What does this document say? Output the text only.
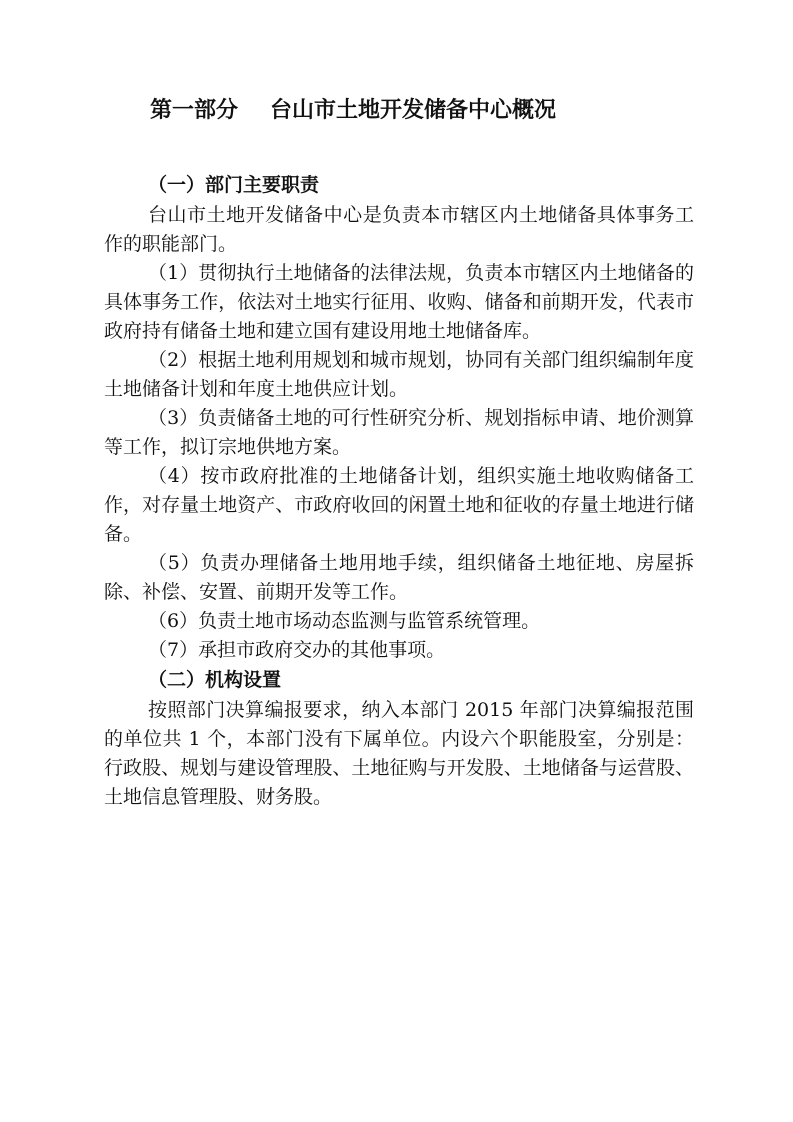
第一部分 台山市土地开发储备中心概况
（一）部门主要职责

台山市土地开发储备中心是负责本市辖区内土地储备具体事务工作的职能部门。

（1）贯彻执行土地储备的法律法规，负责本市辖区内土地储备的具体事务工作，依法对土地实行征用、收购、储备和前期开发，代表市政府持有储备土地和建立国有建设用地土地储备库。

（2）根据土地利用规划和城市规划，协同有关部门组织编制年度土地储备计划和年度土地供应计划。

（3）负责储备土地的可行性研究分析、规划指标申请、地价测算等工作，拟订宗地供地方案。

（4）按市政府批准的土地储备计划，组织实施土地收购储备工作，对存量土地资产、市政府收回的闲置土地和征收的存量土地进行储备。

（5）负责办理储备土地用地手续，组织储备土地征地、房屋拆除、补偿、安置、前期开发等工作。

（6）负责土地市场动态监测与监管系统管理。

（7）承担市政府交办的其他事项。

（二）机构设置

按照部门决算编报要求，纳入本部门 2015 年部门决算编报范围的单位共 1 个，本部门没有下属单位。内设六个职能股室，分别是：行政股、规划与建设管理股、土地征购与开发股、土地储备与运营股、土地信息管理股、财务股。
